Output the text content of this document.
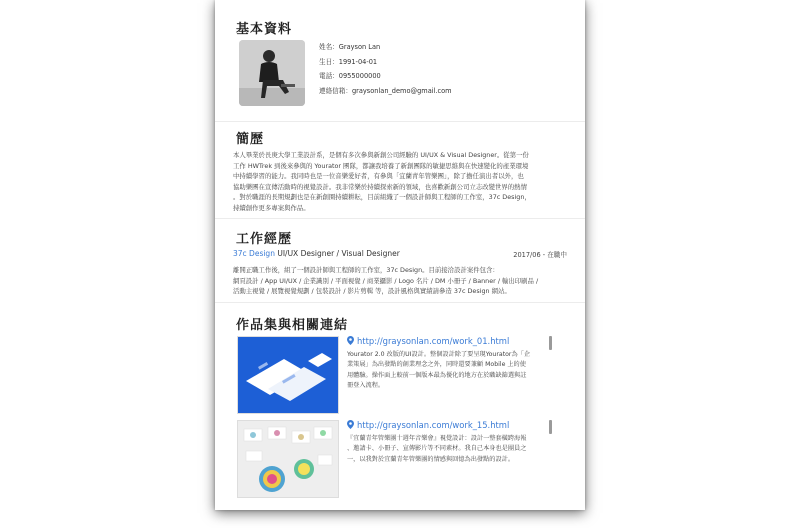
基本資料
姓名：Grayson Lan
生日：1991-04-01
電話：0955000000
連絡信箱：graysonlan_demo@gmail.com
簡歷
本人畢業於長庚大學工業設計系，是個有多次參與新創公司經驗的 UI/UX & Visual Designer。從第一份
工作 HWTrek 到後來參與的 Yourator 團隊，都讓我培養了新創團隊的敏捷思維與在快速變化的產業環境
中持續學習的能力。我同時也是一位音樂愛好者，有參與「宜蘭青年管樂團」，除了擔任演出者以外，也
協助樂團在宣傳活動時的視覺設計。我非常樂於持續探索新的領域，也喜歡新創公司立志改變世界的熱情
。對於職涯的長期規劃也是在新創圈持續耕耘，目前組織了一個設計師與工程師的工作室，37c Design，
持續創作更多專案與作品。
工作經歷
37c Design UI/UX Designer / Visual Designer	2017/06 - 在職中
離開正職工作後，組了一個設計師與工程師的工作室，37c Design。目前接洽設計案件包含：
網頁設計 / App UI/UX / 企業識別 / 平面視覺 / 商業攝影 / Logo 名片 / DM 小冊子 / Banner / 輸出印刷品 /
活動主視覺 / 展覽視覺規劃 / 包裝設計 / 影片剪輯 等，設計風格與實績請參造 37c Design 網站。
作品集與相關連結
http://graysonlan.com/work_01.html
Yourator 2.0 改版的UI設計。整個設計除了要呈現Yourator為「企
業策展」為出發點的創業理念之外，同時還要兼顧 Mobile 上的使
用體驗。操作面上較前一個版本最為優化的地方在於職缺篩選與註
冊登入流程。
http://graysonlan.com/work_15.html
『宜蘭青年管樂團十週年音樂會』視覺設計：設計一整套橫跨海報
、邀請卡、小冊子、宣傳影片等不同素材。我自己本身也是團員之
一，以我對於宜蘭青年管樂團的情感與回憶為出發點的設計。
